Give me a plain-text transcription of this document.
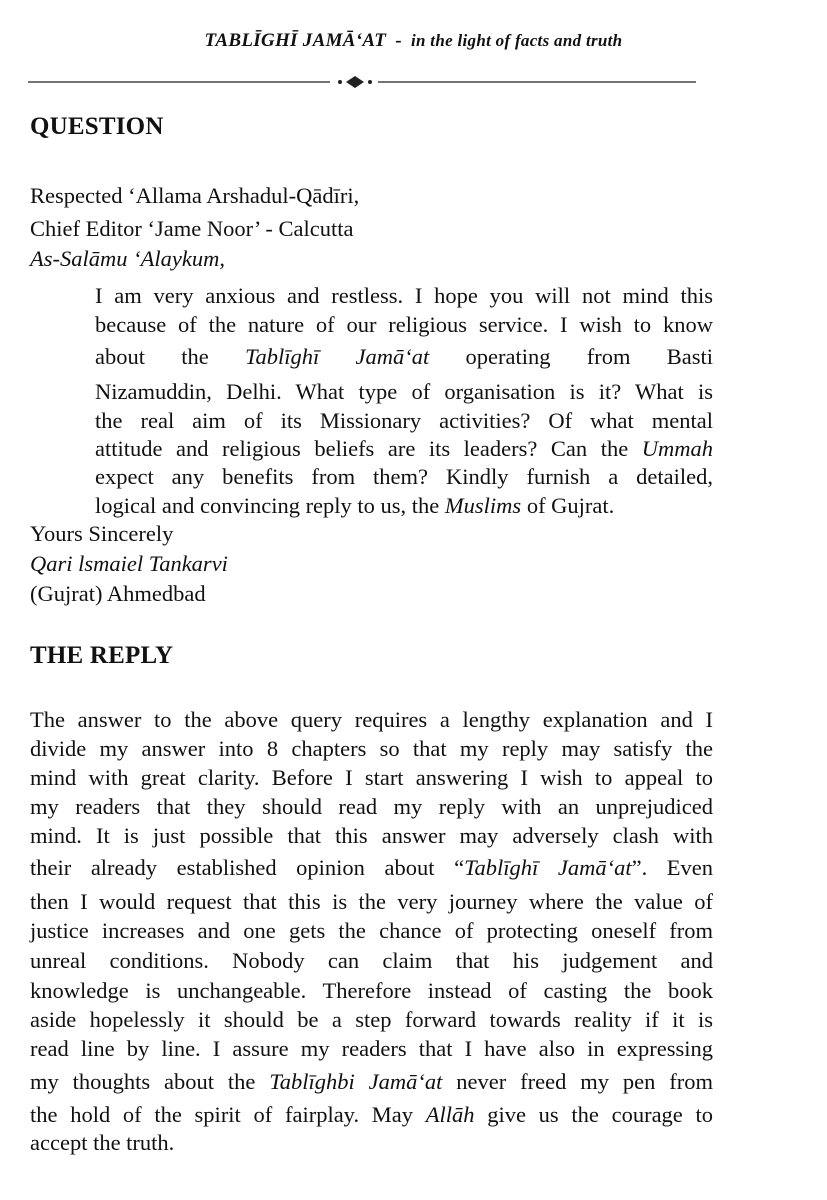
TABLĪGHĪ JAMĀ‘AT - in the light of facts and truth
QUESTION
Respected ‘Allama Arshadul-Qādīri,
Chief Editor ‘Jame Noor’ - Calcutta
As-Salāmu ‘Alaykum,
I am very anxious and restless. I hope you will not mind this
because of the nature of our religious service. I wish to know
about the Tablīghī Jamā‘at operating from Basti
Nizamuddin, Delhi. What type of organisation is it? What is
the real aim of its Missionary activities? Of what mental
attitude and religious beliefs are its leaders? Can the Ummah
expect any benefits from them? Kindly furnish a detailed,
logical and convincing reply to us, the Muslims of Gujrat.
Yours Sincerely
Qari lsmaiel Tankarvi
(Gujrat) Ahmedbad
THE REPLY
The answer to the above query requires a lengthy explanation and I
divide my answer into 8 chapters so that my reply may satisfy the
mind with great clarity. Before I start answering I wish to appeal to
my readers that they should read my reply with an unprejudiced
mind. It is just possible that this answer may adversely clash with
their already established opinion about “Tablīghī Jamā‘at”. Even
then I would request that this is the very journey where the value of
justice increases and one gets the chance of protecting oneself from
unreal conditions. Nobody can claim that his judgement and
knowledge is unchangeable. Therefore instead of casting the book
aside hopelessly it should be a step forward towards reality if it is
read line by line. I assure my readers that I have also in expressing
my thoughts about the Tablīghbi Jamā‘at never freed my pen from
the hold of the spirit of fairplay. May Allāh give us the courage to
accept the truth.
